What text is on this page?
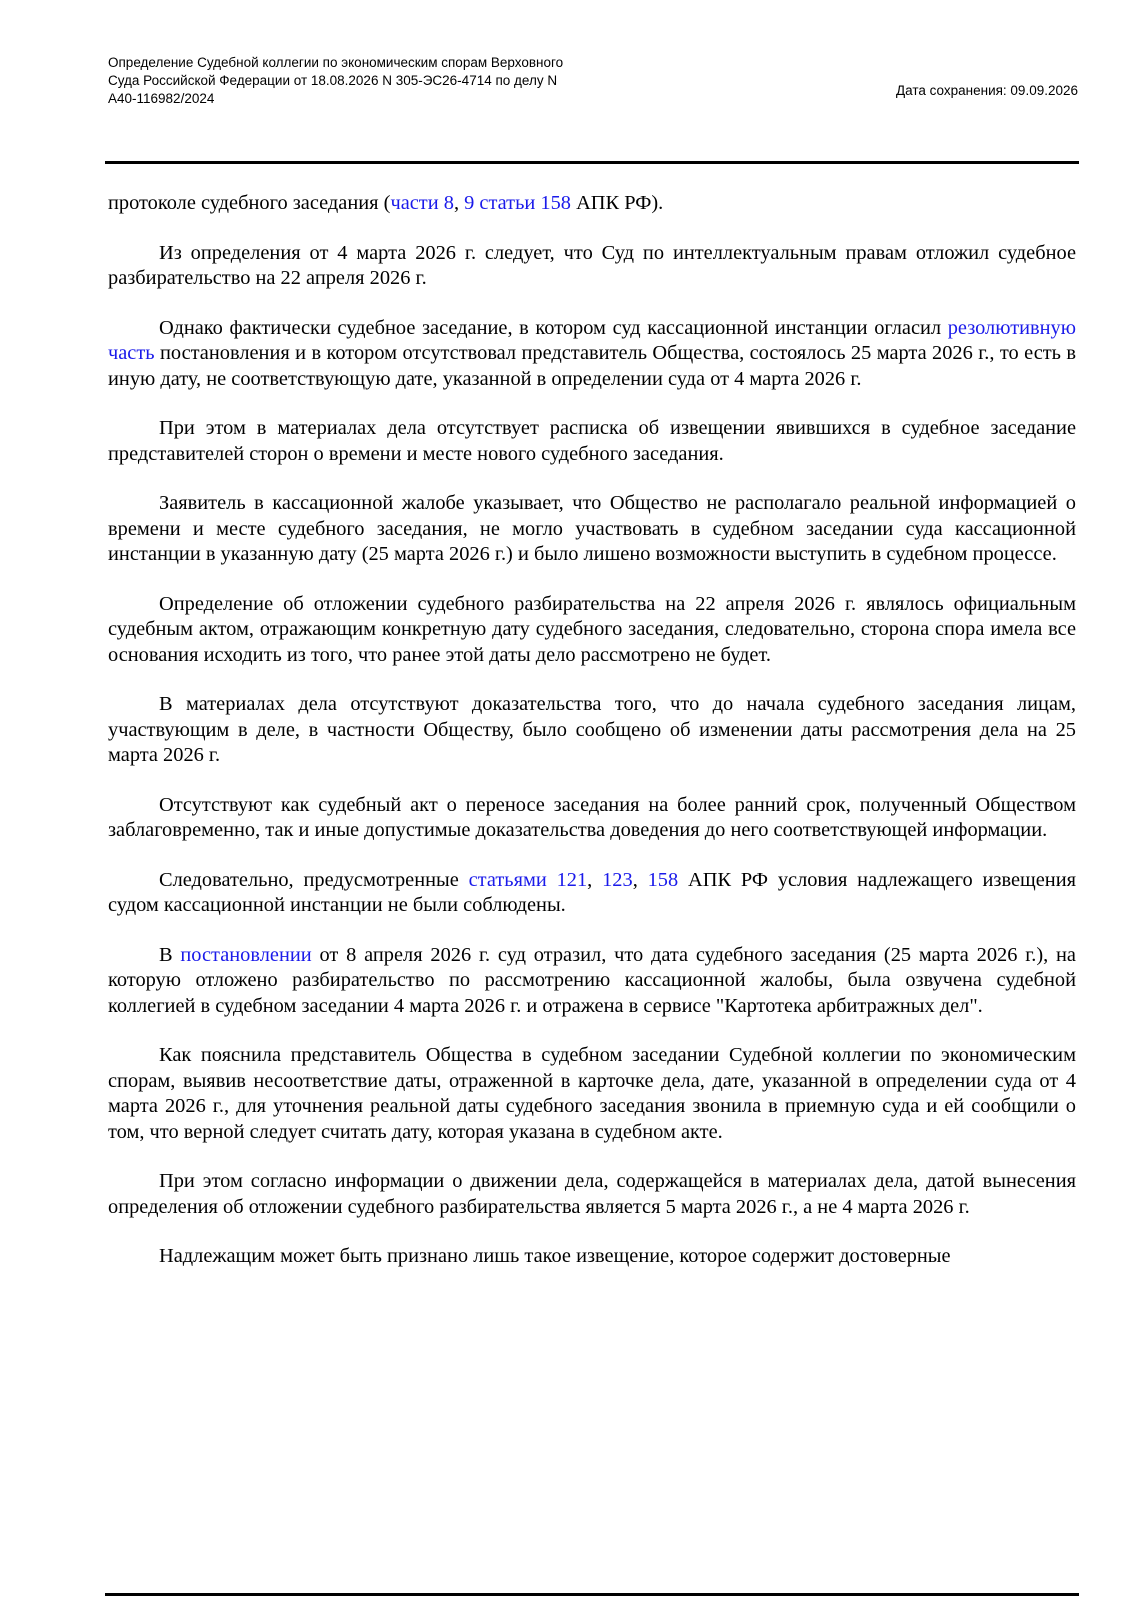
Определение Судебной коллегии по экономическим спорам Верховного
Суда Российской Федерации от 18.08.2026 N 305-ЭС26-4714 по делу N
А40-116982/2024
Дата сохранения: 09.09.2026

протоколе судебного заседания (части 8, 9 статьи 158 АПК РФ).

Из определения от 4 марта 2026 г. следует, что Суд по интеллектуальным правам отложил судебное разбирательство на 22 апреля 2026 г.

Однако фактически судебное заседание, в котором суд кассационной инстанции огласил резолютивную часть постановления и в котором отсутствовал представитель Общества, состоялось 25 марта 2026 г., то есть в иную дату, не соответствующую дате, указанной в определении суда от 4 марта 2026 г.

При этом в материалах дела отсутствует расписка об извещении явившихся в судебное заседание представителей сторон о времени и месте нового судебного заседания.

Заявитель в кассационной жалобе указывает, что Общество не располагало реальной информацией о времени и месте судебного заседания, не могло участвовать в судебном заседании суда кассационной инстанции в указанную дату (25 марта 2026 г.) и было лишено возможности выступить в судебном процессе.

Определение об отложении судебного разбирательства на 22 апреля 2026 г. являлось официальным судебным актом, отражающим конкретную дату судебного заседания, следовательно, сторона спора имела все основания исходить из того, что ранее этой даты дело рассмотрено не будет.

В материалах дела отсутствуют доказательства того, что до начала судебного заседания лицам, участвующим в деле, в частности Обществу, было сообщено об изменении даты рассмотрения дела на 25 марта 2026 г.

Отсутствуют как судебный акт о переносе заседания на более ранний срок, полученный Обществом заблаговременно, так и иные допустимые доказательства доведения до него соответствующей информации.

Следовательно, предусмотренные статьями 121, 123, 158 АПК РФ условия надлежащего извещения судом кассационной инстанции не были соблюдены.

В постановлении от 8 апреля 2026 г. суд отразил, что дата судебного заседания (25 марта 2026 г.), на которую отложено разбирательство по рассмотрению кассационной жалобы, была озвучена судебной коллегией в судебном заседании 4 марта 2026 г. и отражена в сервисе "Картотека арбитражных дел".

Как пояснила представитель Общества в судебном заседании Судебной коллегии по экономическим спорам, выявив несоответствие даты, отраженной в карточке дела, дате, указанной в определении суда от 4 марта 2026 г., для уточнения реальной даты судебного заседания звонила в приемную суда и ей сообщили о том, что верной следует считать дату, которая указана в судебном акте.

При этом согласно информации о движении дела, содержащейся в материалах дела, датой вынесения определения об отложении судебного разбирательства является 5 марта 2026 г., а не 4 марта 2026 г.

Надлежащим может быть признано лишь такое извещение, которое содержит достоверные
